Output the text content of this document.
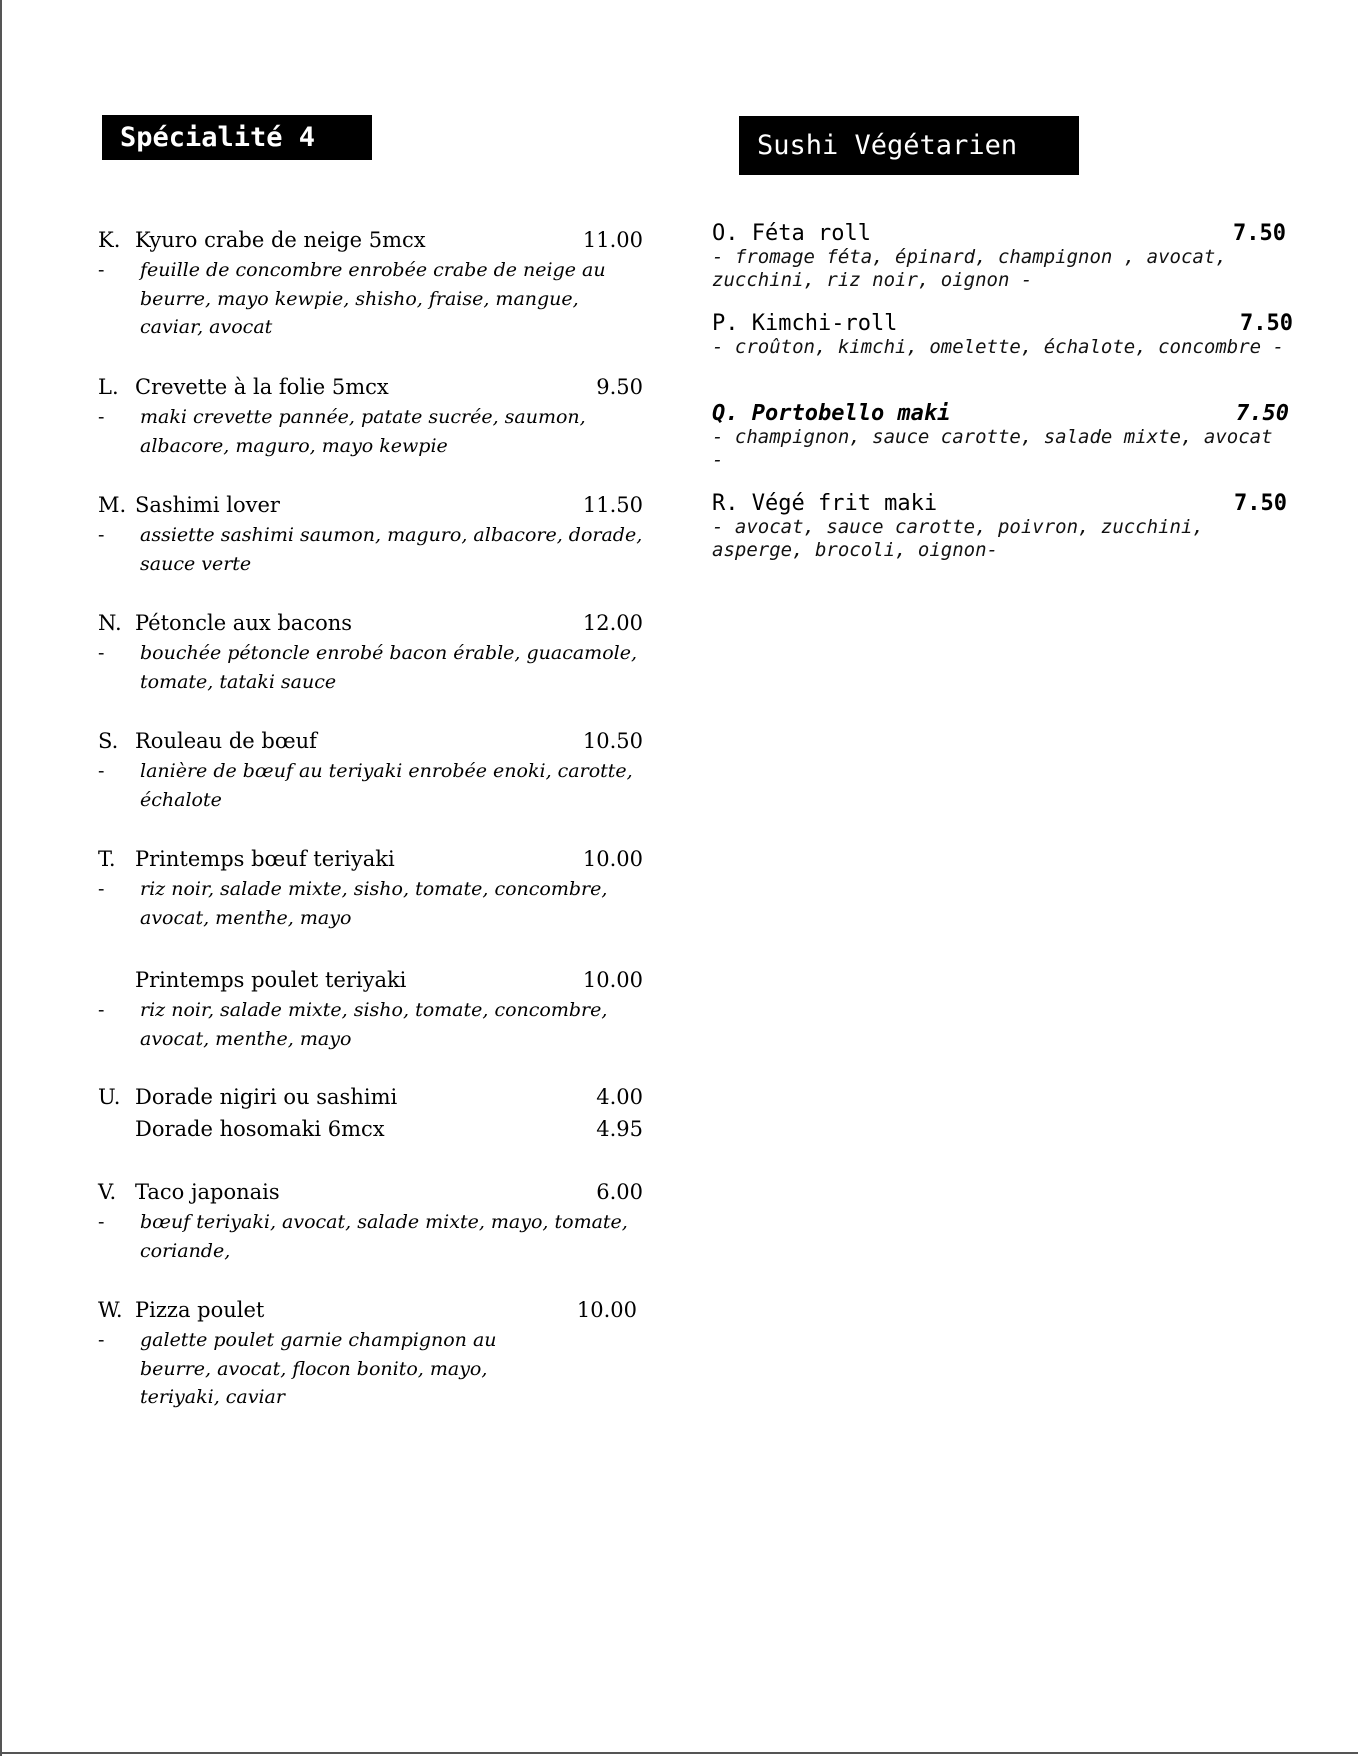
Spécialité 4
K. Kyuro crabe de neige 5mcx	11.00
-	feuille de concombre enrobée crabe de neige au beurre, mayo kewpie, shisho, fraise, mangue, caviar, avocat
L. Crevette à la folie 5mcx	9.50
-	maki crevette pannée, patate sucrée, saumon, albacore, maguro, mayo kewpie
M. Sashimi lover	11.50
-	assiette sashimi saumon, maguro, albacore, dorade, sauce verte
N. Pétoncle aux bacons	12.00
-	bouchée pétoncle enrobé bacon érable, guacamole, tomate, tataki sauce
S. Rouleau de bœuf	10.50
-	lanière de bœuf au teriyaki enrobée enoki, carotte, échalote
T. Printemps bœuf teriyaki	10.00
-	riz noir, salade mixte, sisho, tomate, concombre, avocat, menthe, mayo
Printemps poulet teriyaki	10.00
-	riz noir, salade mixte, sisho, tomate, concombre, avocat, menthe, mayo
U. Dorade nigiri ou sashimi	4.00
Dorade hosomaki 6mcx	4.95
V. Taco japonais	6.00
-	bœuf teriyaki, avocat, salade mixte, mayo, tomate, coriande,
W. Pizza poulet	10.00
-	galette poulet garnie champignon au beurre, avocat, flocon bonito, mayo, teriyaki, caviar
Sushi Végétarien
O. Féta roll	7.50
- fromage féta, épinard, champignon , avocat, zucchini, riz noir, oignon -
P. Kimchi-roll	7.50
- croûton, kimchi, omelette, échalote, concombre -
Q. Portobello maki	7.50
- champignon, sauce carotte, salade mixte, avocat -
R. Végé frit maki	7.50
- avocat, sauce carotte, poivron, zucchini, asperge, brocoli, oignon-
